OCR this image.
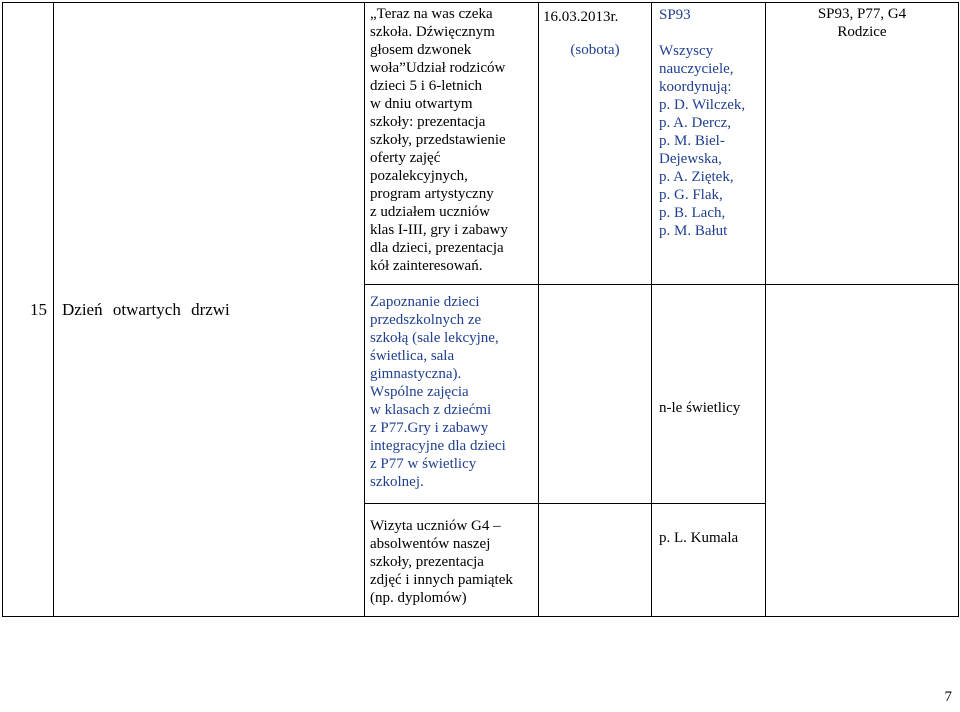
15 Dzień otwartych drzwi
„Teraz na was czeka
szkoła. Dźwięcznym
głosem dzwonek
woła”Udział rodziców
dzieci 5 i 6-letnich
w dniu otwartym
szkoły: prezentacja
szkoły, przedstawienie
oferty zajęć
pozalekcyjnych,
program artystyczny
z udziałem uczniów
klas I-III, gry i zabawy
dla dzieci, prezentacja
kół zainteresowań.
16.03.2013r.
(sobota)
SP93

Wszyscy
nauczyciele,
koordynują:
p. D. Wilczek,
p. A. Dercz,
p. M. Biel-
Dejewska,
p. A. Ziętek,
p. G. Flak,
p. B. Lach,
p. M. Bałut
SP93, P77, G4
Rodzice
Zapoznanie dzieci
przedszkolnych ze
szkołą (sale lekcyjne,
świetlica, sala
gimnastyczna).
Wspólne zajęcia
w klasach z dziećmi
z P77.Gry i zabawy
integracyjne dla dzieci
z P77 w świetlicy
szkolnej.
n-le świetlicy
Wizyta uczniów G4 –
absolwentów naszej
szkoły, prezentacja
zdjęć i innych pamiątek
(np. dyplomów)
p. L. Kumala
7
